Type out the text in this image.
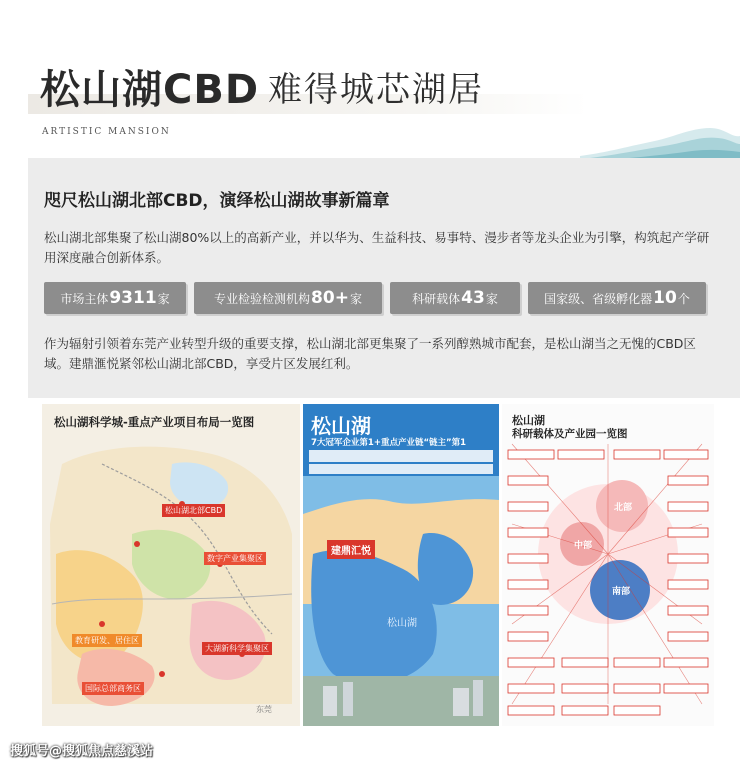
松山湖CBD 难得城芯湖居
ARTISTIC MANSION
咫尺松山湖北部CBD，演绎松山湖故事新篇章
松山湖北部集聚了松山湖80%以上的高新产业，并以华为、生益科技、易事特、漫步者等龙头企业为引擎，构筑起产学研用深度融合创新体系。
市场主体 9311 家	专业检验检测机构 80+ 家	科研载体 43 家	国家级、省级孵化器 10 个
作为辐射引领着东莞产业转型升级的重要支撑，松山湖北部更集聚了一系列醇熟城市配套，是松山湖当之无愧的CBD区域。建鼎滙悦紧邻松山湖北部CBD，享受片区发展红利。
松山湖科学城-重点产业项目布局一览图
松山湖北部CBD
数字产业集聚区
教育研发、居住区
大湖新科学集聚区
国际总部商务区
东莞
松山湖
7大冠军企业第1+重点产业链“链主”第1
建鼎汇悦
松山湖
松山湖
科研载体及产业园一览图
北部
中部
南部
搜狐号@搜狐焦点慈溪站
